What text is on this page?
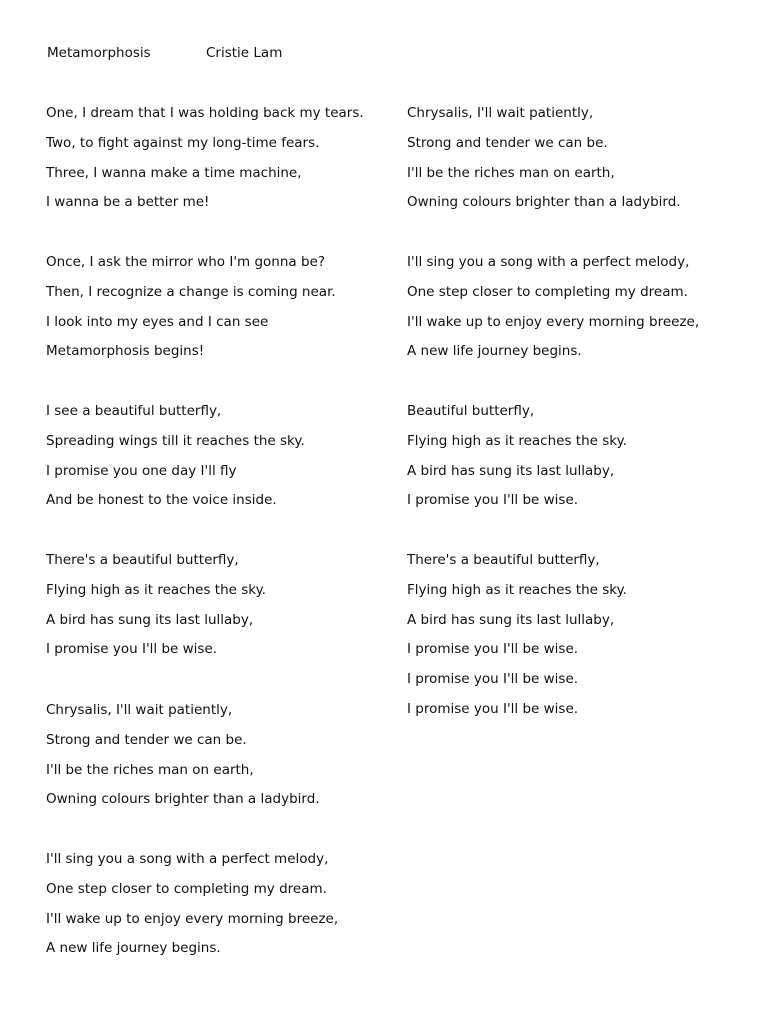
Metamorphosis	Cristie Lam
One, I dream that I was holding back my tears.
Two, to fight against my long-time fears.
Three, I wanna make a time machine,
I wanna be a better me!
Once, I ask the mirror who I'm gonna be?
Then, I recognize a change is coming near.
I look into my eyes and I can see
Metamorphosis begins!
I see a beautiful butterfly,
Spreading wings till it reaches the sky.
I promise you one day I'll fly
And be honest to the voice inside.
There's a beautiful butterfly,
Flying high as it reaches the sky.
A bird has sung its last lullaby,
I promise you I'll be wise.
Chrysalis, I'll wait patiently,
Strong and tender we can be.
I'll be the riches man on earth,
Owning colours brighter than a ladybird.
I'll sing you a song with a perfect melody,
One step closer to completing my dream.
I'll wake up to enjoy every morning breeze,
A new life journey begins.
Chrysalis, I'll wait patiently,
Strong and tender we can be.
I'll be the riches man on earth,
Owning colours brighter than a ladybird.
I'll sing you a song with a perfect melody,
One step closer to completing my dream.
I'll wake up to enjoy every morning breeze,
A new life journey begins.
Beautiful butterfly,
Flying high as it reaches the sky.
A bird has sung its last lullaby,
I promise you I'll be wise.
There's a beautiful butterfly,
Flying high as it reaches the sky.
A bird has sung its last lullaby,
I promise you I'll be wise.
I promise you I'll be wise.
I promise you I'll be wise.
